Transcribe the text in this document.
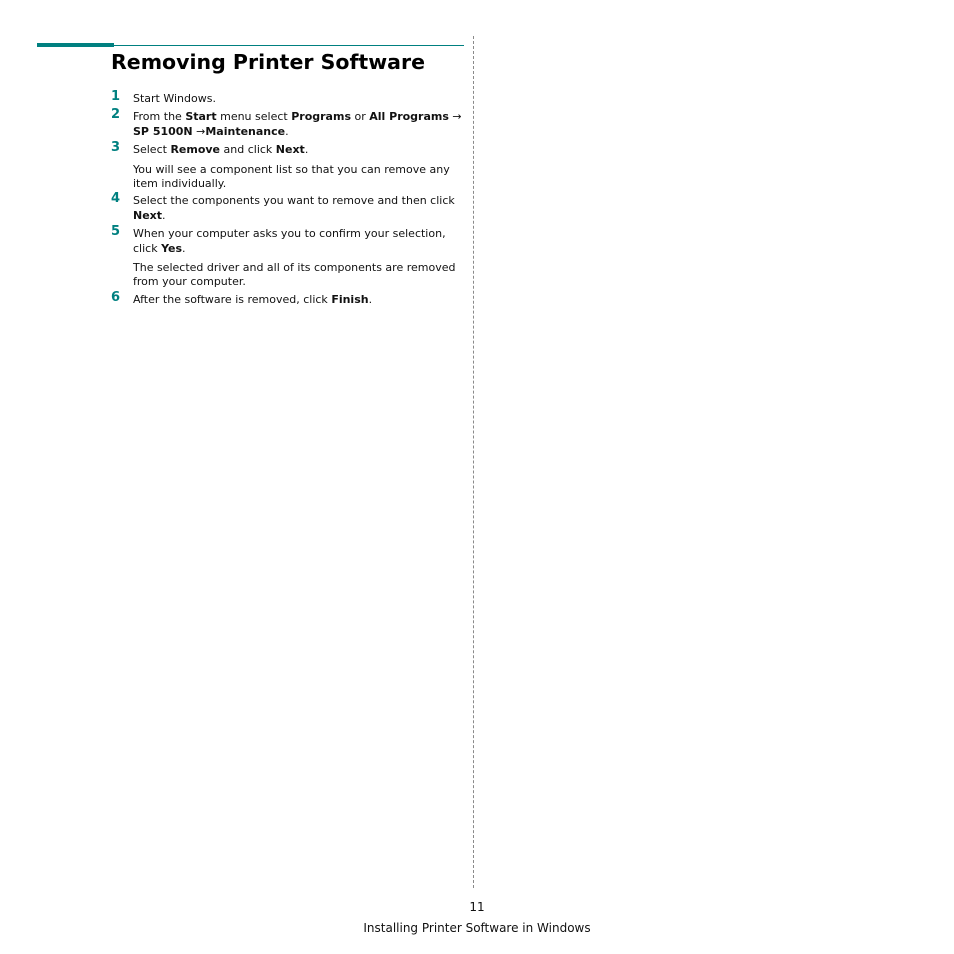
Removing Printer Software
1 Start Windows.
2 From the Start menu select Programs or All Programs →
SP 5100N →Maintenance.
3 Select Remove and click Next.
You will see a component list so that you can remove any
item individually.
4 Select the components you want to remove and then click
Next.
5 When your computer asks you to confirm your selection,
click Yes.
The selected driver and all of its components are removed
from your computer.
6 After the software is removed, click Finish.
11
Installing Printer Software in Windows
